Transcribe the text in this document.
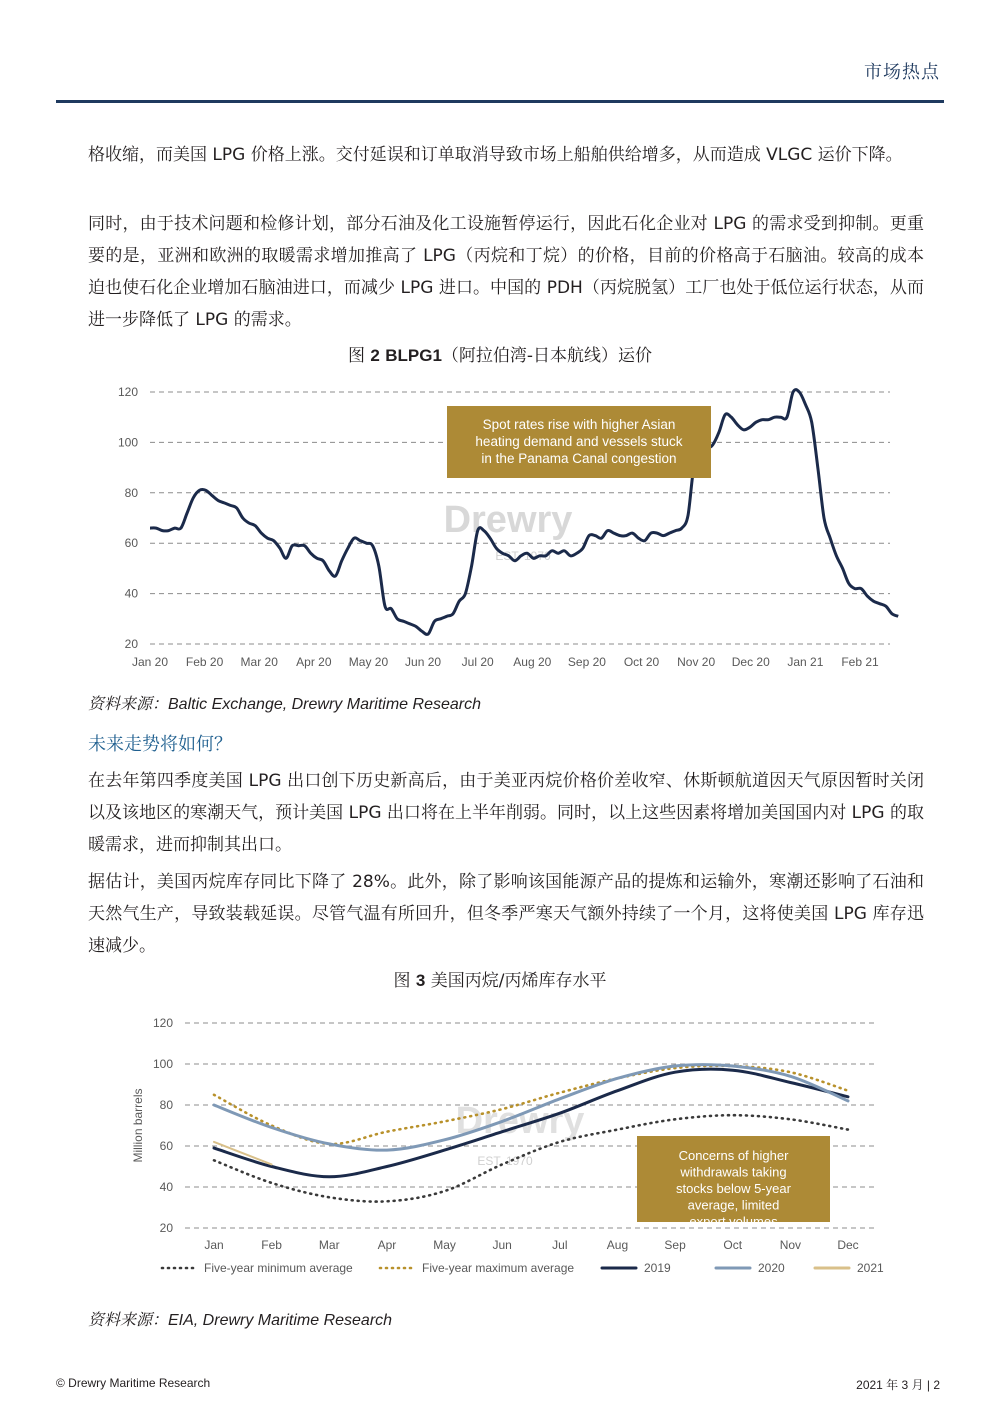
市场热点

格收缩，而美国 LPG 价格上涨。交付延误和订单取消导致市场上船舶供给增多，从而造成 VLGC 运价下降。

同时，由于技术问题和检修计划，部分石油及化工设施暂停运行，因此石化企业对 LPG 的需求受到抑制。更重要的是，亚洲和欧洲的取暖需求增加推高了 LPG（丙烷和丁烷）的价格，目前的价格高于石脑油。较高的成本迫也使石化企业增加石脑油进口，而减少 LPG 进口。中国的 PDH（丙烷脱氢）工厂也处于低位运行状态，从而进一步降低了 LPG 的需求。

图 2 BLPG1（阿拉伯湾-日本航线）运价
20
40
60
80
100
120
Jan 20 Feb 20 Mar 20 Apr 20 May 20 Jun 20 Jul 20 Aug 20 Sep 20 Oct 20 Nov 20 Dec 20 Jan 21 Feb 21
Drewry
EST. 1970
Spot rates rise with higher Asian
heating demand and vessels stuck
in the Panama Canal congestion
资料来源：Baltic Exchange, Drewry Maritime Research
未来走势将如何？

在去年第四季度美国 LPG 出口创下历史新高后，由于美亚丙烷价格价差收窄、休斯顿航道因天气原因暂时关闭以及该地区的寒潮天气，预计美国 LPG 出口将在上半年削弱。同时，以上这些因素将增加美国国内对 LPG 的取暖需求，进而抑制其出口。

据估计，美国丙烷库存同比下降了 28%。此外，除了影响该国能源产品的提炼和运输外，寒潮还影响了石油和天然气生产，导致装载延误。尽管气温有所回升，但冬季严寒天气额外持续了一个月，这将使美国 LPG 库存迅速减少。

图 3 美国丙烷/丙烯库存水平
20
40
60
80
100
120
Jan	Feb	Mar	Apr	May	Jun	Jul	Aug	Sep	Oct	Nov	Dec
Million barrels	Drewry
EST. 1970	Concerns of higher
withdrawals taking
stocks below 5-year
average, limited
export volumes
Five-year minimum average	Five-year maximum average	2019	2020	2021
资料来源：EIA, Drewry Maritime Research
© Drewry Maritime Research	2021 年 3 月 | 2
